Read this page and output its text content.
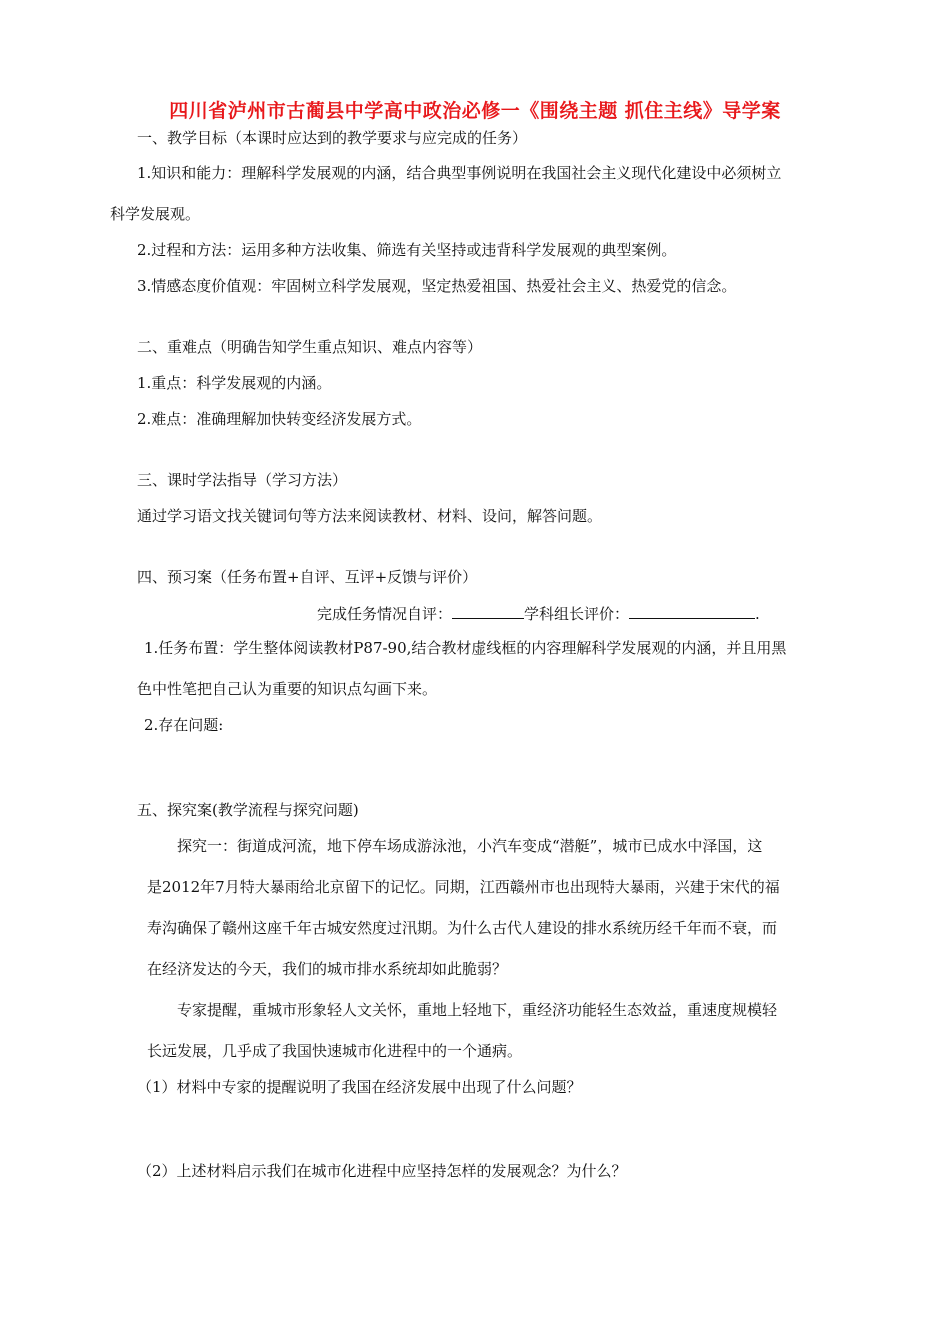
四川省泸州市古蔺县中学高中政治必修一《围绕主题 抓住主线》导学案
一、教学目标（本课时应达到的教学要求与应完成的任务）
1.知识和能力：理解科学发展观的内涵，结合典型事例说明在我国社会主义现代化建设中必须树立
科学发展观。
2.过程和方法：运用多种方法收集、筛选有关坚持或违背科学发展观的典型案例。
3.情感态度价值观：牢固树立科学发展观，坚定热爱祖国、热爱社会主义、热爱党的信念。
二、重难点（明确告知学生重点知识、难点内容等）
1.重点：科学发展观的内涵。
2.难点：准确理解加快转变经济发展方式。
三、课时学法指导（学习方法）
通过学习语文找关键词句等方法来阅读教材、材料、设问，解答问题。
四、预习案（任务布置+自评、互评+反馈与评价）
完成任务情况自评：	学科组长评价：	.
1.任务布置：学生整体阅读教材P87-90,结合教材虚线框的内容理解科学发展观的内涵，并且用黑
色中性笔把自己认为重要的知识点勾画下来。
2.存在问题:
五、探究案(教学流程与探究问题)
探究一：街道成河流，地下停车场成游泳池，小汽车变成“潜艇”，城市已成水中泽国，这
是2012年7月特大暴雨给北京留下的记忆。同期，江西赣州市也出现特大暴雨，兴建于宋代的福
寿沟确保了赣州这座千年古城安然度过汛期。为什么古代人建设的排水系统历经千年而不衰，而
在经济发达的今天，我们的城市排水系统却如此脆弱？
专家提醒，重城市形象轻人文关怀，重地上轻地下，重经济功能轻生态效益，重速度规模轻
长远发展，几乎成了我国快速城市化进程中的一个通病。
（1）材料中专家的提醒说明了我国在经济发展中出现了什么问题？
（2）上述材料启示我们在城市化进程中应坚持怎样的发展观念？为什么？
